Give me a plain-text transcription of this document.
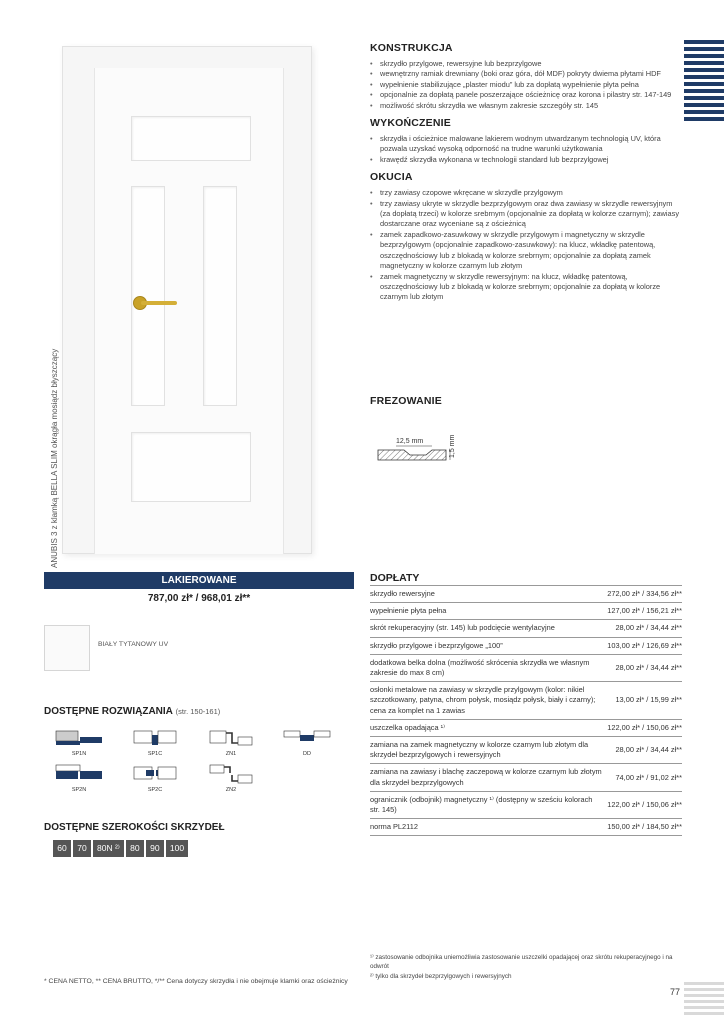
ANUBIS 3 z klamką BELLA SLIM okrągła mosiądz błyszczący
KONSTRUKCJA
• skrzydło przylgowe, rewersyjne lub bezprzylgowe
• wewnętrzny ramiak drewniany (boki oraz góra, dół MDF) pokryty dwiema płytami HDF
• wypełnienie stabilizujące „plaster miodu” lub za dopłatą wypełnienie płyta pełna
• opcjonalnie za dopłatą panele poszerzające ościeżnicę oraz korona i pilastry str. 147-149
• możliwość skrótu skrzydła we własnym zakresie szczegóły str. 145
WYKOŃCZENIE
• skrzydła i ościeżnice malowane lakierem wodnym utwardzanym technologią UV, która pozwala uzyskać wysoką odporność na trudne warunki użytkowania
• krawędź skrzydła wykonana w technologii standard lub bezprzylgowej
OKUCIA
• trzy zawiasy czopowe wkręcane w skrzydle przylgowym
• trzy zawiasy ukryte w skrzydle bezprzylgowym oraz dwa zawiasy w skrzydle rewersyjnym (za dopłatą trzeci) w kolorze srebrnym (opcjonalnie za dopłatą w kolorze czarnym); zawiasy dostarczane oraz wyceniane są z ościeżnicą
• zamek zapadkowo-zasuwkowy w skrzydle przylgowym i magnetyczny w skrzydle bezprzylgowym (opcjonalnie zapadkowo-zasuwkowy): na klucz, wkładkę patentową, oszczędnościowy lub z blokadą w kolorze srebrnym; opcjonalnie za dopłatą zamek magnetyczny w kolorze czarnym lub złotym
• zamek magnetyczny w skrzydle rewersyjnym: na klucz, wkładkę patentową, oszczędnościowy lub z blokadą w kolorze srebrnym; opcjonalnie za dopłatą w kolorze czarnym lub złotym
FREZOWANIE
12,5 mm	1,5 mm
LAKIEROWANE
787,00 zł* / 968,01 zł**
BIAŁY TYTANOWY UV
DOSTĘPNE ROZWIĄZANIA (str. 150-161)
SP1N	SP1C	ZN1	DD
SP2N	SP2C	ZN2
DOSTĘPNE SZEROKOŚCI SKRZYDEŁ
60	70	80N ²⁾	80	90	100
* CENA NETTO, ** CENA BRUTTO, */** Cena dotyczy skrzydła i nie obejmuje klamki oraz ościeżnicy
DOPŁATY
skrzydło rewersyjne	272,00 zł* / 334,56 zł**
wypełnienie płyta pełna	127,00 zł* / 156,21 zł**
skrót rekuperacyjny (str. 145) lub podcięcie wentylacyjne	28,00 zł* / 34,44 zł**
skrzydło przylgowe i bezprzylgowe „100”	103,00 zł* / 126,69 zł**
dodatkowa belka dolna (możliwość skrócenia skrzydła we własnym zakresie do max 8 cm)	28,00 zł* / 34,44 zł**
osłonki metalowe na zawiasy w skrzydle przylgowym (kolor: nikiel szczotkowany, patyna, chrom połysk, mosiądz połysk, biały i czarny); cena za komplet na 1 zawias	13,00 zł* / 15,99 zł**
uszczelka opadająca ¹⁾	122,00 zł* / 150,06 zł**
zamiana na zamek magnetyczny w kolorze czarnym lub złotym dla skrzydeł bezprzylgowych i rewersyjnych	28,00 zł* / 34,44 zł**
zamiana na zawiasy i blachę zaczepową w kolorze czarnym lub złotym dla skrzydeł bezprzylgowych	74,00 zł* / 91,02 zł**
ogranicznik (odbojnik) magnetyczny ¹⁾ (dostępny w sześciu kolorach str. 145)	122,00 zł* / 150,06 zł**
norma PL2112	150,00 zł* / 184,50 zł**

¹⁾ zastosowanie odbojnika uniemożliwia zastosowanie uszczelki opadającej oraz skrótu rekuperacyjnego i na odwrót

²⁾ tylko dla skrzydeł bezprzylgowych i rewersyjnych

77
